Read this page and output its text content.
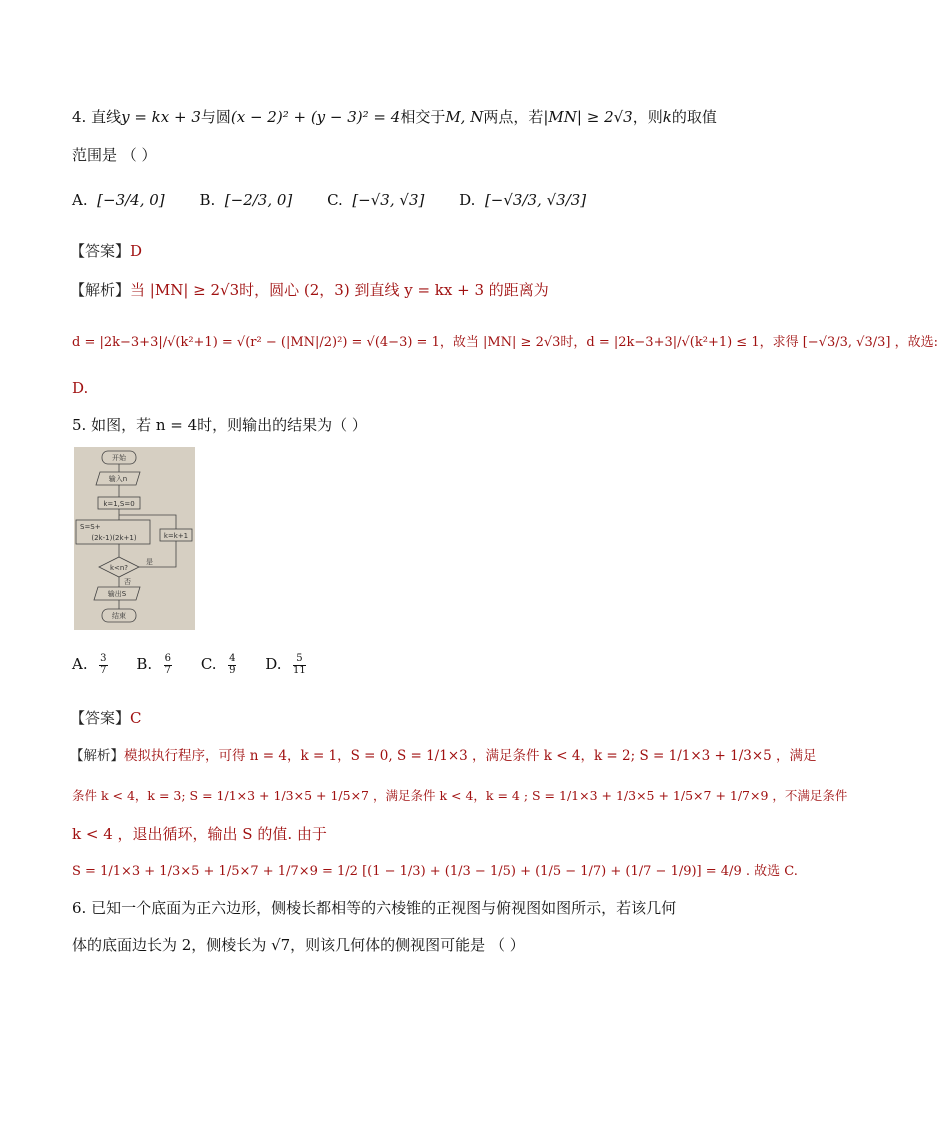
4. 直线y = kx + 3与圆(x − 2)² + (y − 3)² = 4相交于M, N两点，若|MN| ≥ 2√3，则k的取值
范围是 （ ）
A. [−3/4, 0] B. [−2/3, 0] C. [−√3, √3] D. [−√3/3, √3/3]
【答案】D
【解析】当 |MN| ≥ 2√3时，圆心 (2，3) 到直线 y = kx + 3 的距离为
d = |2k−3+3|/√(k²+1) = √(r² − (|MN|/2)²) = √(4−3) = 1，故当 |MN| ≥ 2√3时，d = |2k−3+3|/√(k²+1) ≤ 1，求得 [−√3/3, √3/3] ，故选:
D.
5. 如图，若 n = 4时，则输出的结果为（ ）
开始
输入n
k=1,S=0
S=S+
(2k-1)(2k+1)	k=k+1
k<n?
是
否
输出S
结束
A. $\frac{3}{7} B$. $\frac{6}{7} C$. $\frac{4}{9} D$. $\frac{5}{11}$
【答案】C
【解析】模拟执行程序，可得 n = 4，k = 1，S = 0, S = 1/1×3 ，满足条件 k < 4，k = 2; S = 1/1×3 + 1/3×5 ，满足
条件 k < 4，k = 3; S = 1/1×3 + 1/3×5 + 1/5×7 ，满足条件 k < 4，k = 4 ; S = 1/1×3 + 1/3×5 + 1/5×7 + 1/7×9 ，不满足条件
k < 4 ，退出循环，输出 S 的值. 由于
S = 1/1×3 + 1/3×5 + 1/5×7 + 1/7×9 = 1/2 [(1 − 1/3) + (1/3 − 1/5) + (1/5 − 1/7) + (1/7 − 1/9)] = 4/9 . 故选 C.
6. 已知一个底面为正六边形，侧棱长都相等的六棱锥的正视图与俯视图如图所示，若该几何
体的底面边长为 2，侧棱长为 √7，则该几何体的侧视图可能是 （ ）
